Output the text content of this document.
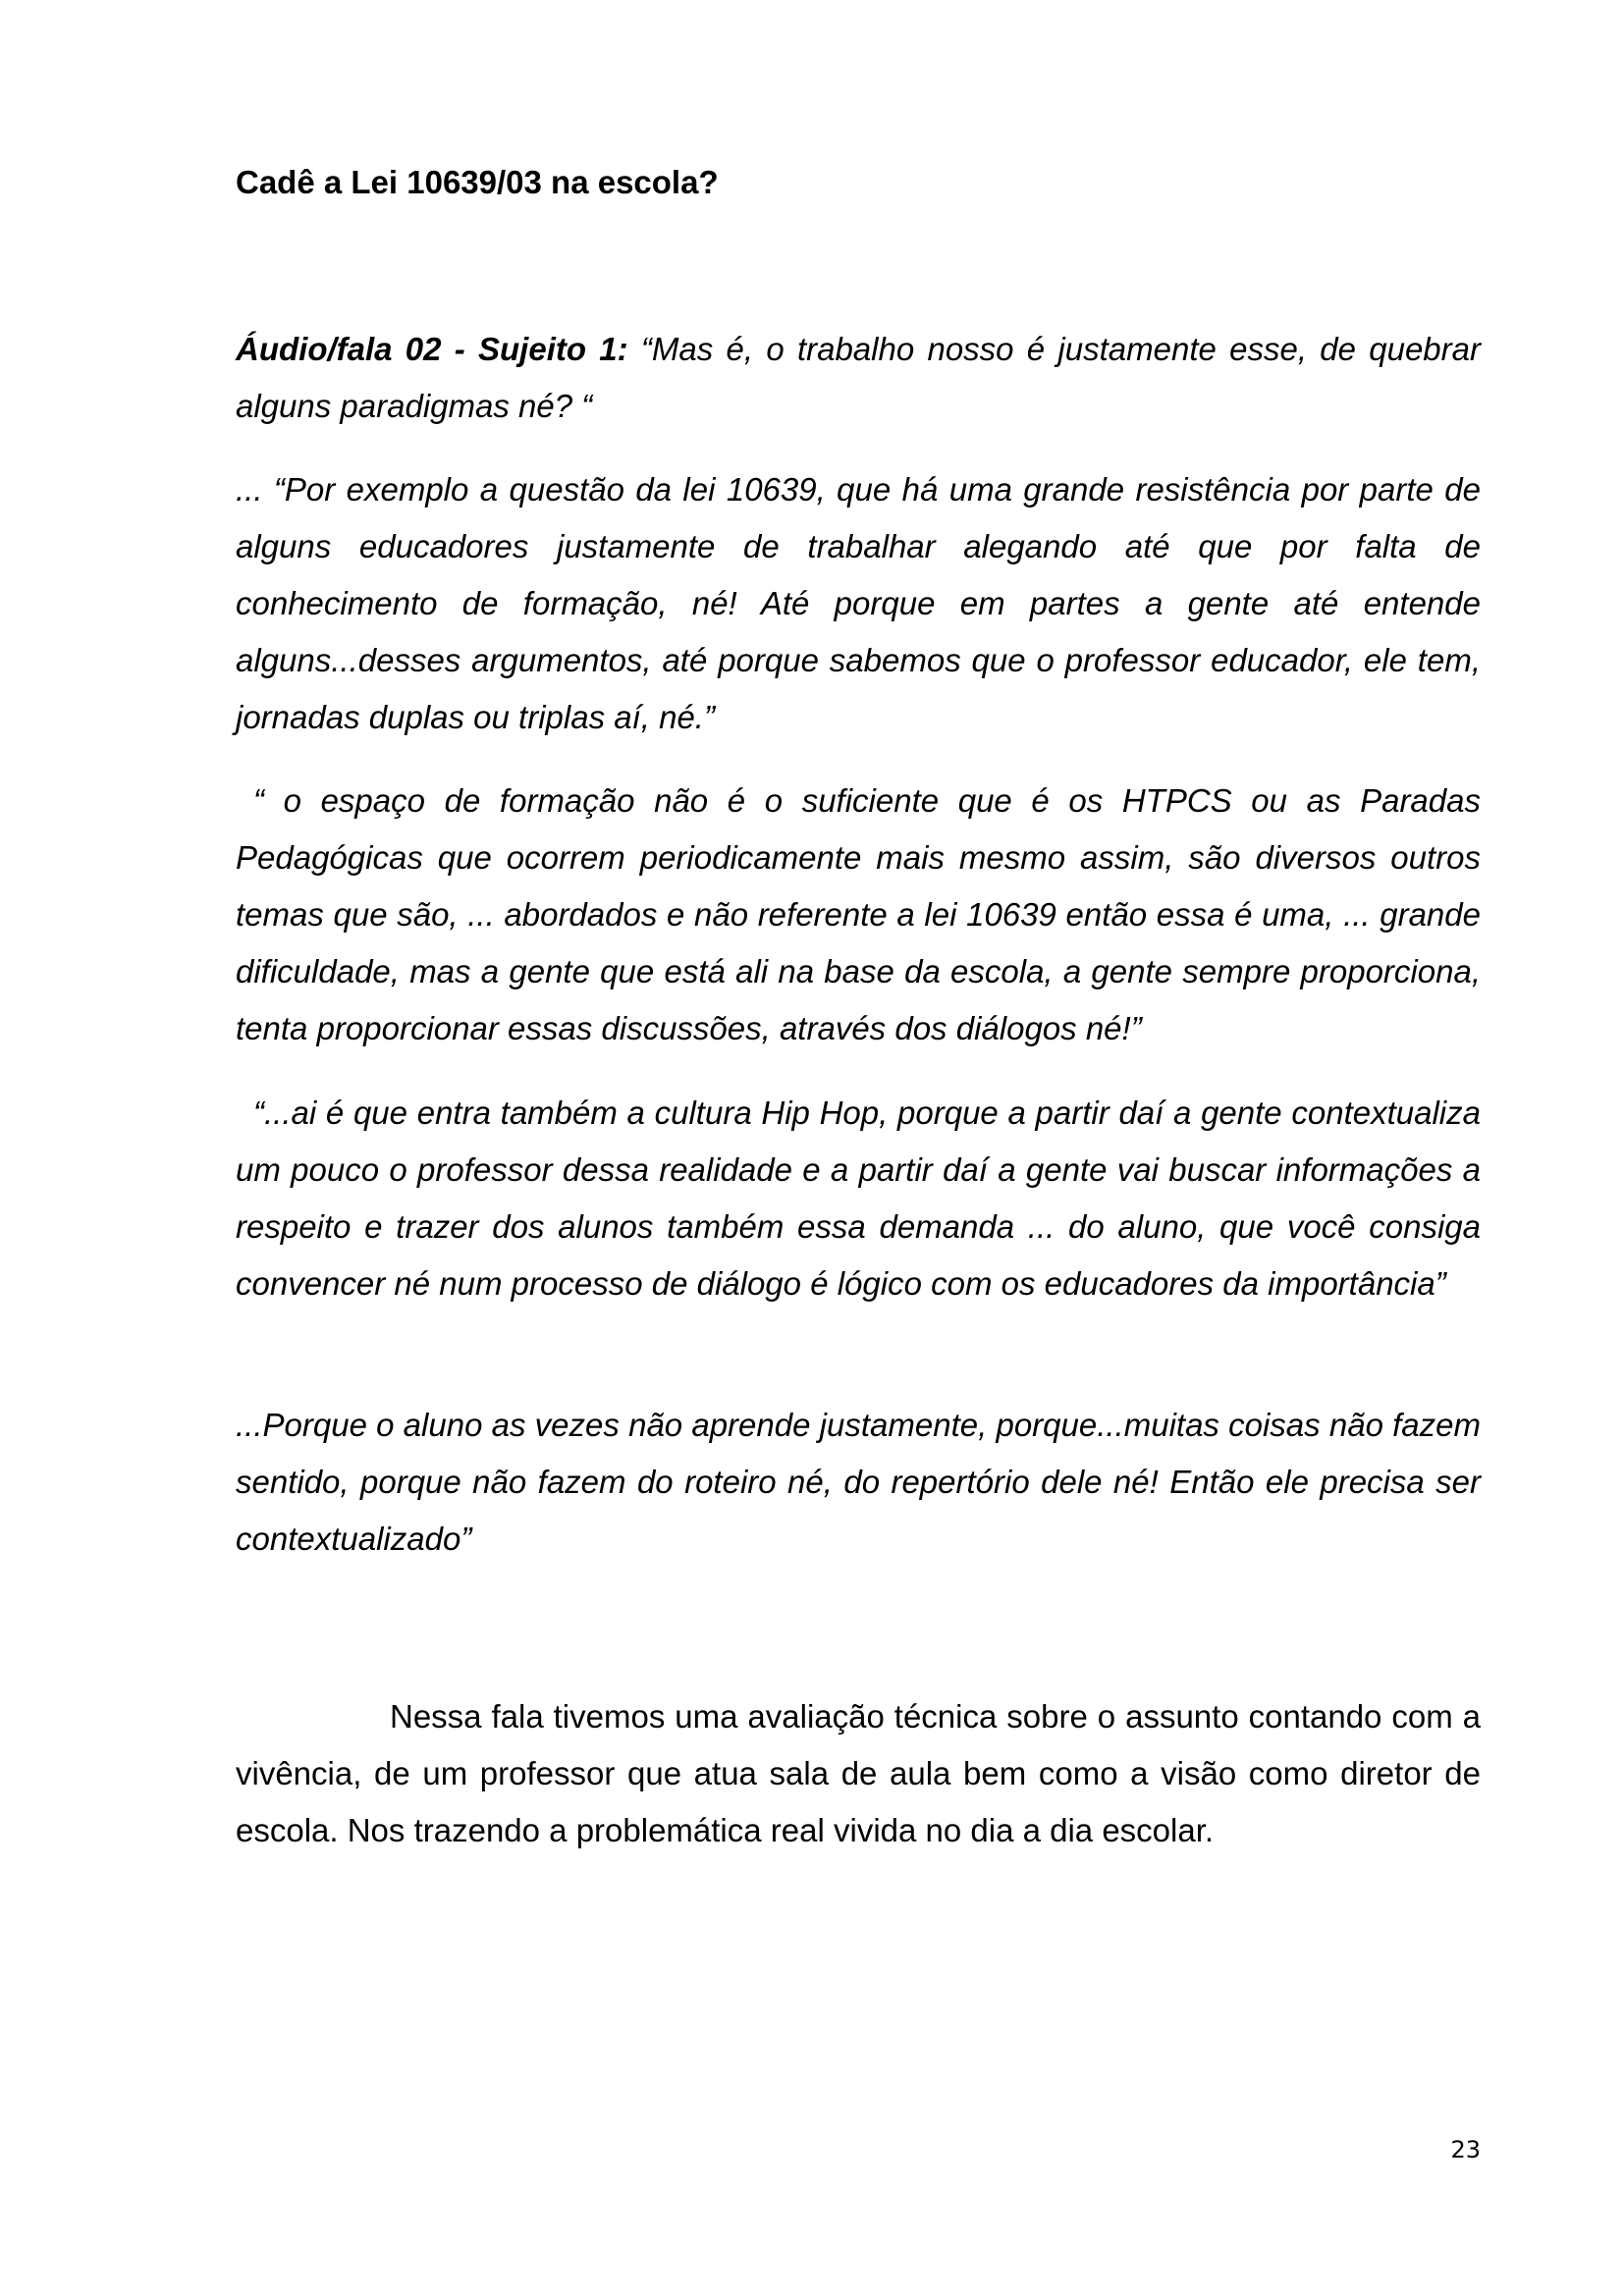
Cadê a Lei 10639/03 na escola?
Áudio/fala 02 - Sujeito 1: “Mas é, o trabalho nosso é justamente esse, de quebrar alguns paradigmas né? “
... “Por exemplo a questão da lei 10639, que há uma grande resistência por parte de alguns educadores justamente de trabalhar alegando até que por falta de conhecimento de formação, né! Até porque em partes a gente até entende alguns...desses argumentos, até porque sabemos que o professor educador, ele tem, jornadas duplas ou triplas aí, né.”
“ o espaço de formação não é o suficiente que é os HTPCS ou as Paradas Pedagógicas que ocorrem periodicamente mais mesmo assim, são diversos outros temas que são, ... abordados e não referente a lei 10639 então essa é uma, ... grande dificuldade, mas a gente que está ali na base da escola, a gente sempre proporciona, tenta proporcionar essas discussões, através dos diálogos né!”
“...ai é que entra também a cultura Hip Hop, porque a partir daí a gente contextualiza um pouco o professor dessa realidade e a partir daí a gente vai buscar informações a respeito e trazer dos alunos também essa demanda ... do aluno, que você consiga convencer né num processo de diálogo é lógico com os educadores da importância”
...Porque o aluno as vezes não aprende justamente, porque...muitas coisas não fazem sentido, porque não fazem do roteiro né, do repertório dele né! Então ele precisa ser contextualizado”
Nessa fala tivemos uma avaliação técnica sobre o assunto contando com a vivência, de um professor que atua sala de aula bem como a visão como diretor de escola. Nos trazendo a problemática real vivida no dia a dia escolar.
23
